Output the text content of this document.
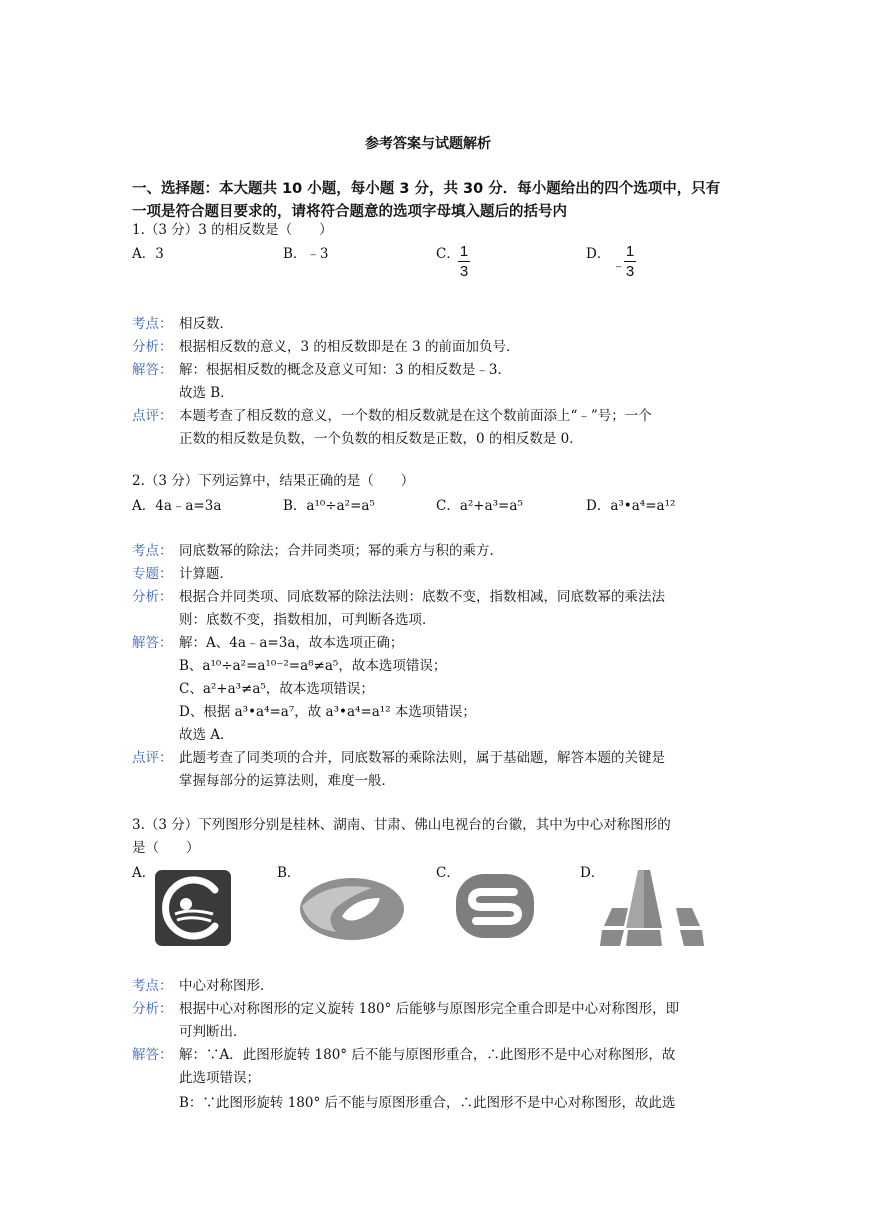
参考答案与试题解析
一、选择题：本大题共 10 小题，每小题 3 分，共 30 分．每小题给出的四个选项中，只有
一项是符合题目要求的，请将符合题意的选项字母填入题后的括号内
1.（3 分）3 的相反数是（　　）
A．3	B．﹣3	C． 1
3
D．
﹣
1
3
考点： 相反数．
分析： 根据相反数的意义，3 的相反数即是在 3 的前面加负号．
解答： 解：根据相反数的概念及意义可知：3 的相反数是﹣3．
故选 B．
点评： 本题考查了相反数的意义，一个数的相反数就是在这个数前面添上“﹣”号；一个
正数的相反数是负数，一个负数的相反数是正数，0 的相反数是 0．
2.（3 分）下列运算中，结果正确的是（　　）
A．4a﹣a=3a	B．a¹⁰÷a²=a⁵	C．a²+a³=a⁵	D．a³•a⁴=a¹²
考点： 同底数幂的除法；合并同类项；幂的乘方与积的乘方．
专题： 计算题．
分析： 根据合并同类项、同底数幂的除法法则：底数不变，指数相减，同底数幂的乘法法
则：底数不变，指数相加，可判断各选项．
解答： 解：A、4a﹣a=3a，故本选项正确；
B、a¹⁰÷a²=a¹⁰⁻²=a⁸≠a⁵，故本选项错误；
C、a²+a³≠a⁵，故本选项错误；
D、根据 a³•a⁴=a⁷，故 a³•a⁴=a¹² 本选项错误；
故选 A．
点评： 此题考查了同类项的合并，同底数幂的乘除法则，属于基础题，解答本题的关键是
掌握每部分的运算法则，难度一般．
3.（3 分）下列图形分别是桂林、湖南、甘肃、佛山电视台的台徽，其中为中心对称图形的
是（　　）
A．	B．	C．	D．
考点： 中心对称图形．
分析： 根据中心对称图形的定义旋转 180° 后能够与原图形完全重合即是中心对称图形，即
可判断出．
解答： 解：∵A．此图形旋转 180° 后不能与原图形重合，∴此图形不是中心对称图形，故
此选项错误；
B：∵此图形旋转 180° 后不能与原图形重合，∴此图形不是中心对称图形，故此选
